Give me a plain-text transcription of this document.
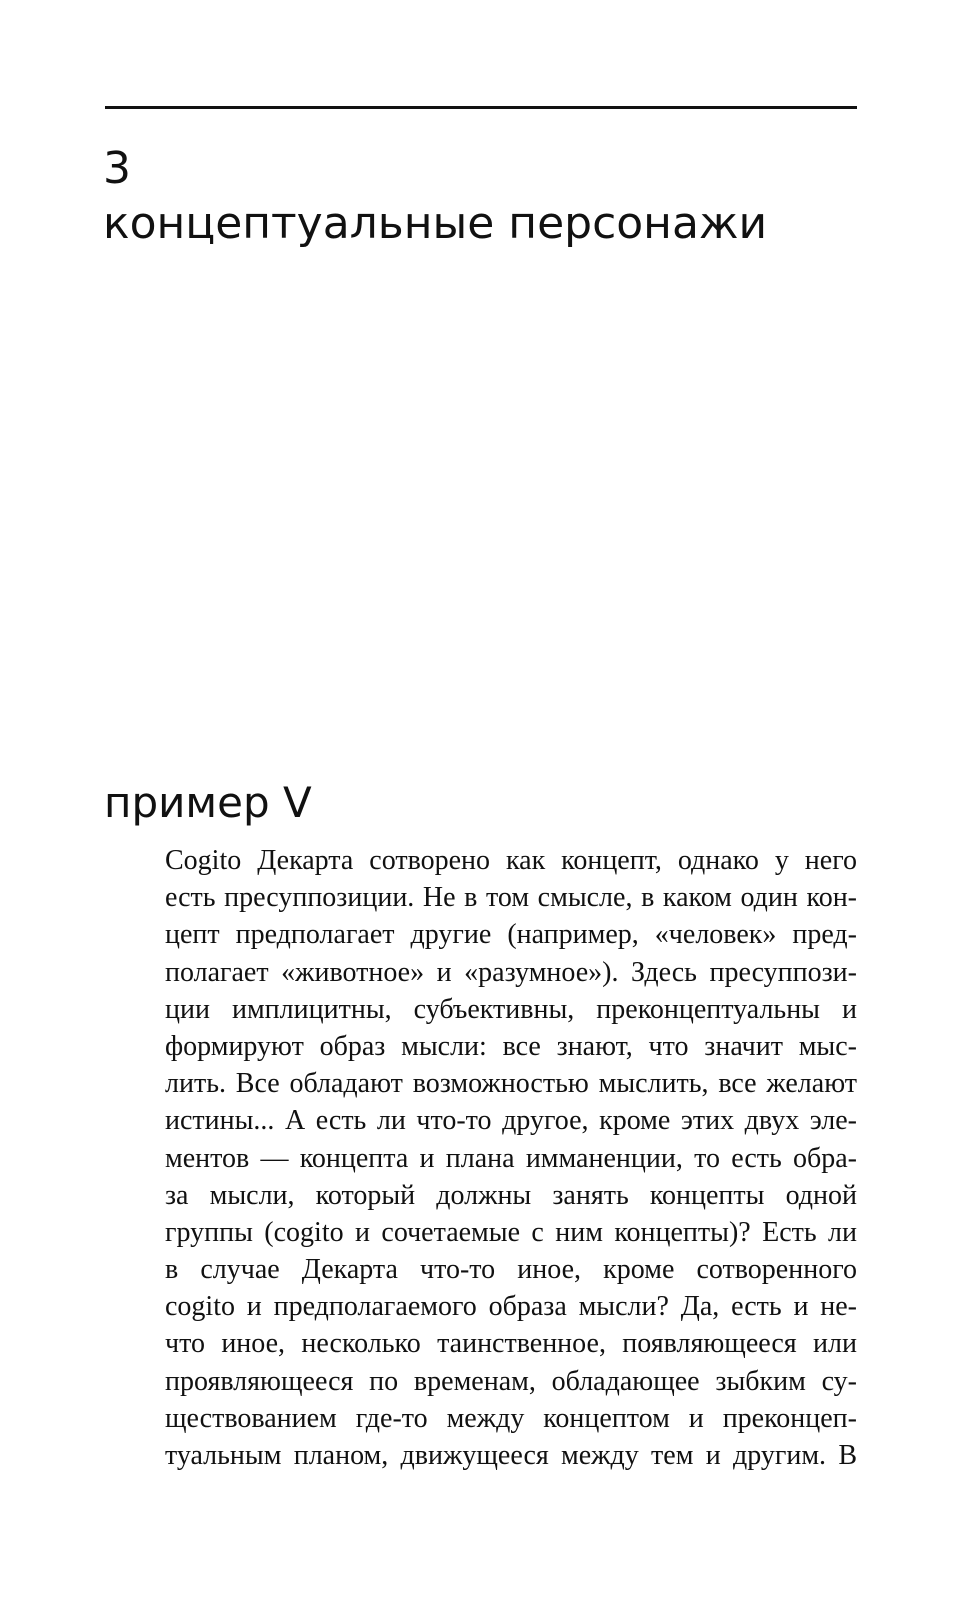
3
концептуальные персонажи
пример V
Cogito Декарта сотворено как концепт, однако у него
есть пресуппозиции. Не в том смысле, в каком один кон-
цепт предполагает другие (например, «человек» пред-
полагает «животное» и «разумное»). Здесь пресуппози-
ции имплицитны, субъективны, преконцептуальны и
формируют образ мысли: все знают, что значит мыс-
лить. Все обладают возможностью мыслить, все желают
истины... А есть ли что-то другое, кроме этих двух эле-
ментов — концепта и плана имманенции, то есть обра-
за мысли, который должны занять концепты одной
группы (cogito и сочетаемые с ним концепты)? Есть ли
в случае Декарта что-то иное, кроме сотворенного
cogito и предполагаемого образа мысли? Да, есть и не-
что иное, несколько таинственное, появляющееся или
проявляющееся по временам, обладающее зыбким су-
ществованием где-то между концептом и преконцеп-
туальным планом, движущееся между тем и другим. В
